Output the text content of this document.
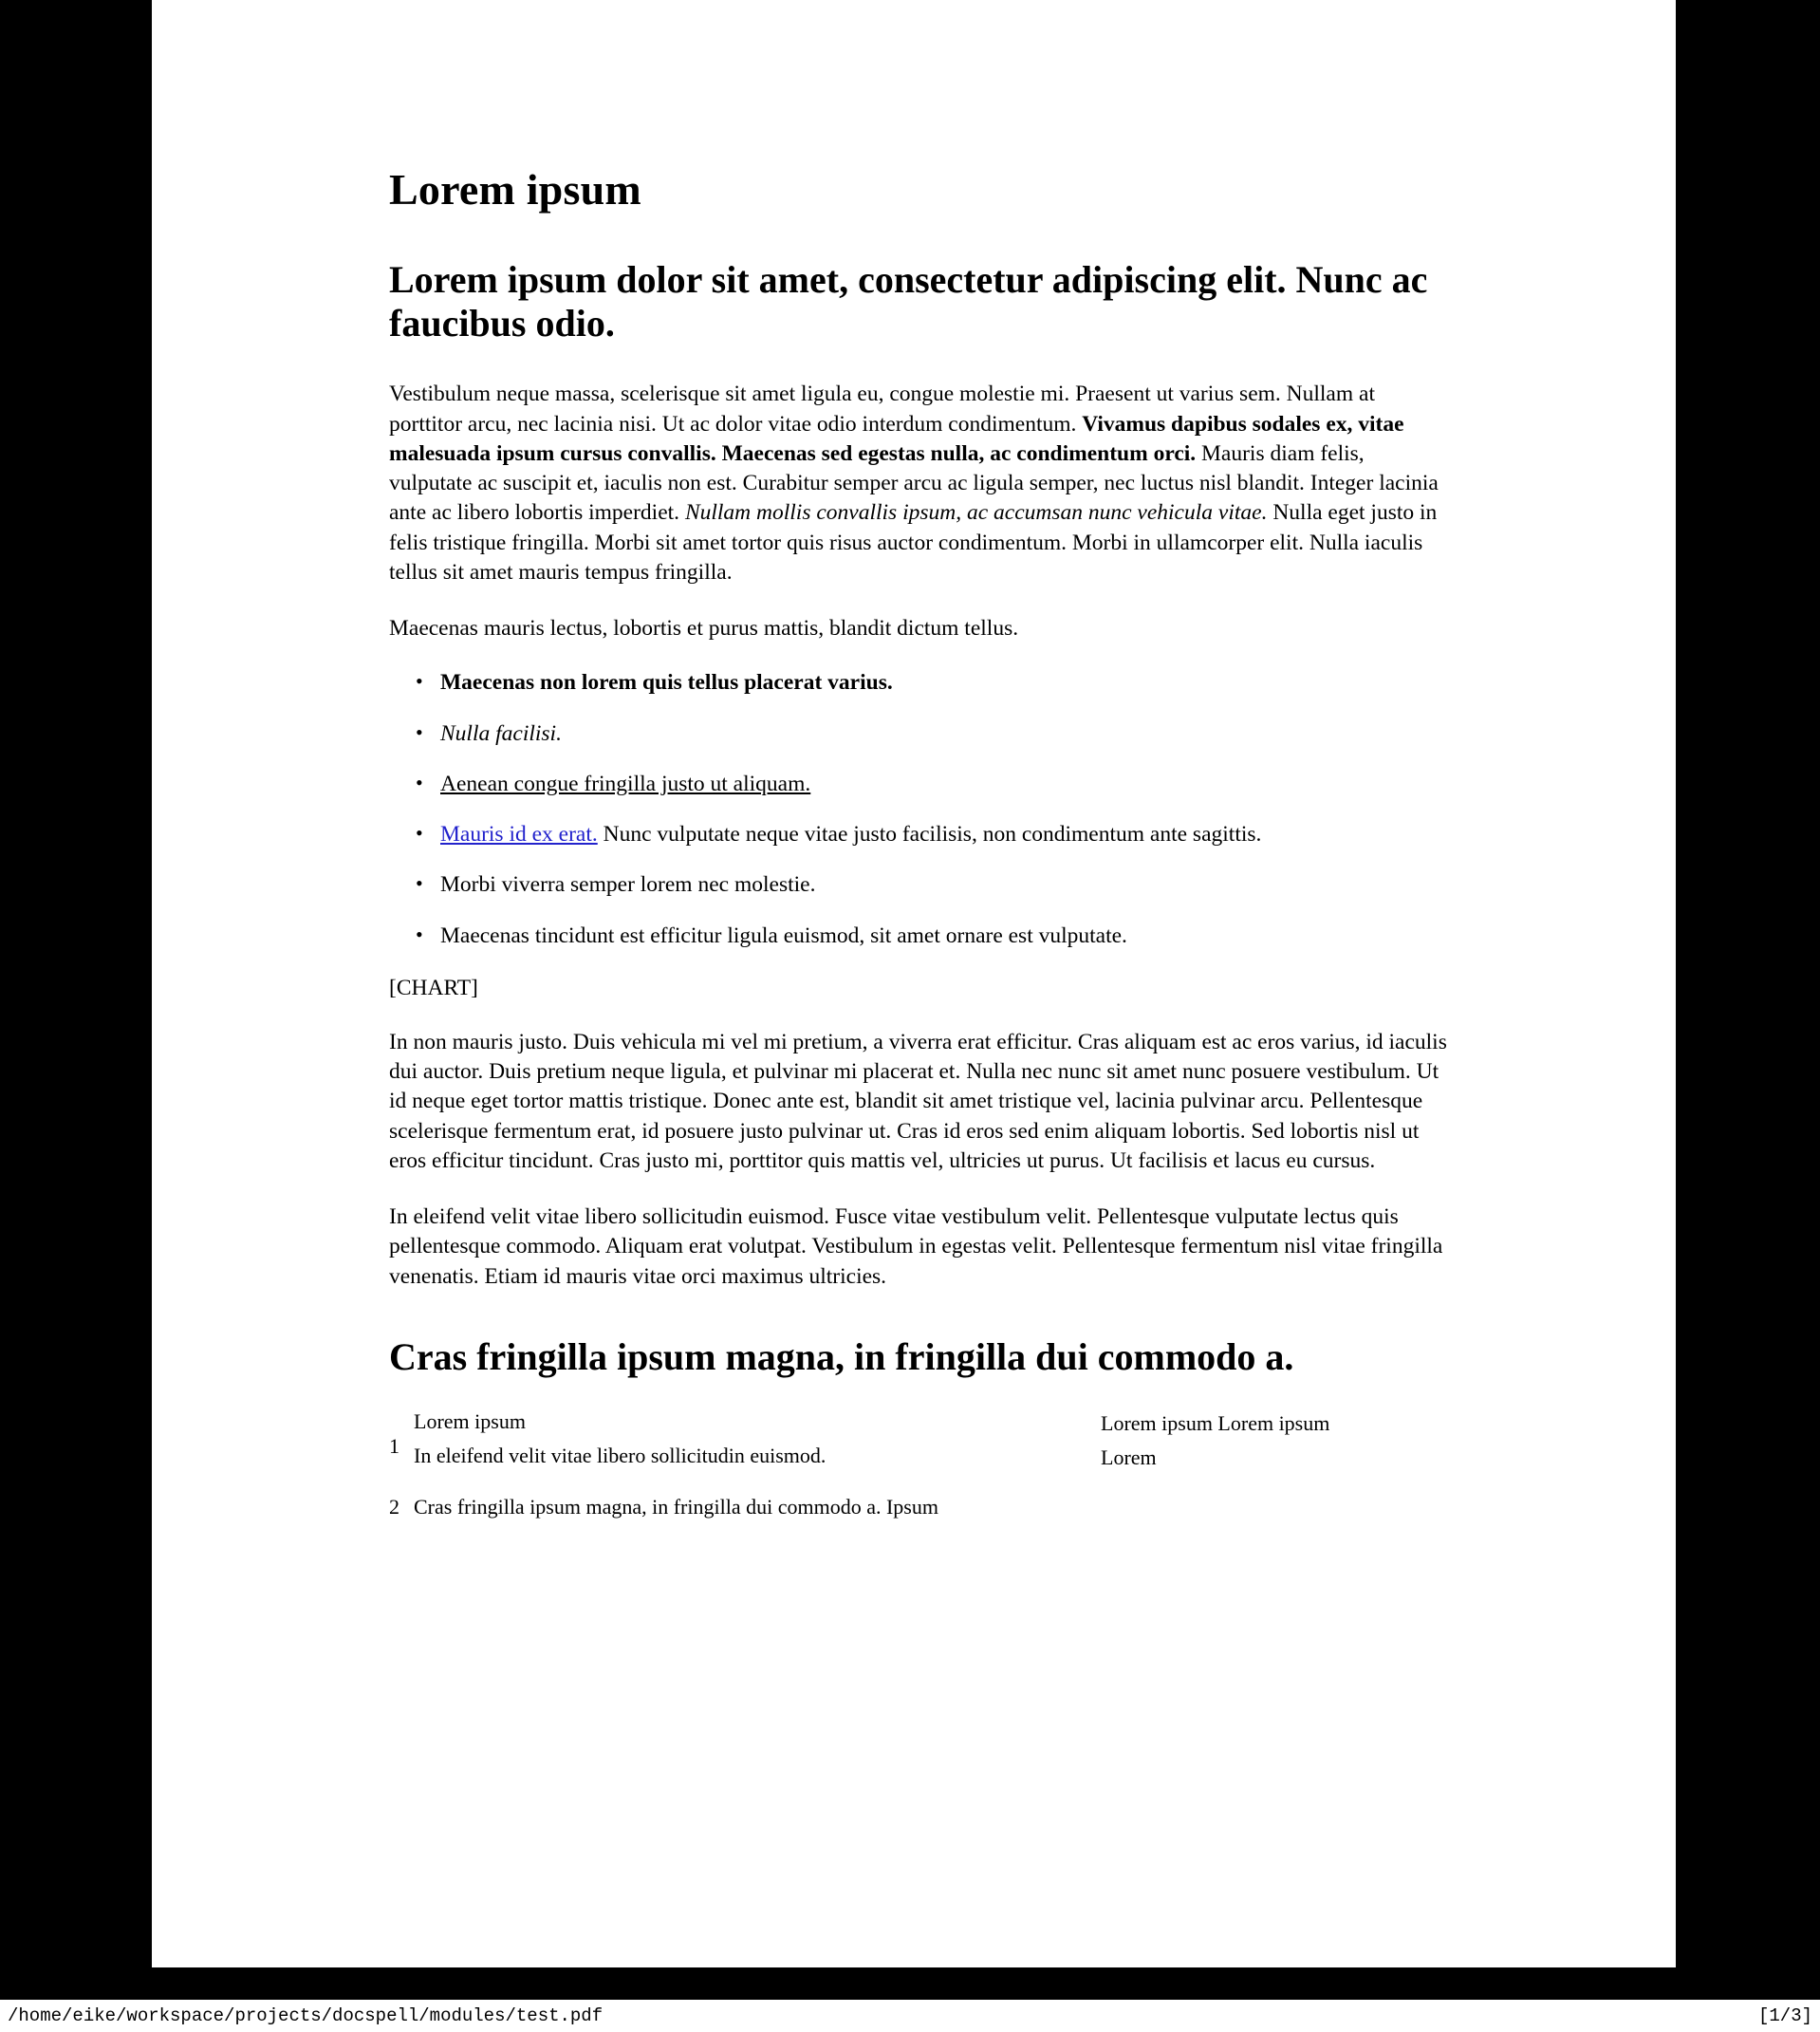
Lorem ipsum
Lorem ipsum dolor sit amet, consectetur adipiscing elit. Nunc ac faucibus odio.

Vestibulum neque massa, scelerisque sit amet ligula eu, congue molestie mi. Praesent ut varius sem. Nullam at porttitor arcu, nec lacinia nisi. Ut ac dolor vitae odio interdum condimentum. Vivamus dapibus sodales ex, vitae malesuada ipsum cursus convallis. Maecenas sed egestas nulla, ac condimentum orci. Mauris diam felis, vulputate ac suscipit et, iaculis non est. Curabitur semper arcu ac ligula semper, nec luctus nisl blandit. Integer lacinia ante ac libero lobortis imperdiet. Nullam mollis convallis ipsum, ac accumsan nunc vehicula vitae. Nulla eget justo in felis tristique fringilla. Morbi sit amet tortor quis risus auctor condimentum. Morbi in ullamcorper elit. Nulla iaculis tellus sit amet mauris tempus fringilla.

Maecenas mauris lectus, lobortis et purus mattis, blandit dictum tellus.

• Maecenas non lorem quis tellus placerat varius.
• Nulla facilisi.
• Aenean congue fringilla justo ut aliquam.
• Mauris id ex erat. Nunc vulputate neque vitae justo facilisis, non condimentum ante sagittis.
• Morbi viverra semper lorem nec molestie.
• Maecenas tincidunt est efficitur ligula euismod, sit amet ornare est vulputate.
[CHART]

In non mauris justo. Duis vehicula mi vel mi pretium, a viverra erat efficitur. Cras aliquam est ac eros varius, id iaculis dui auctor. Duis pretium neque ligula, et pulvinar mi placerat et. Nulla nec nunc sit amet nunc posuere vestibulum. Ut id neque eget tortor mattis tristique. Donec ante est, blandit sit amet tristique vel, lacinia pulvinar arcu. Pellentesque scelerisque fermentum erat, id posuere justo pulvinar ut. Cras id eros sed enim aliquam lobortis. Sed lobortis nisl ut eros efficitur tincidunt. Cras justo mi, porttitor quis mattis vel, ultricies ut purus. Ut facilisis et lacus eu cursus.

In eleifend velit vitae libero sollicitudin euismod. Fusce vitae vestibulum velit. Pellentesque vulputate lectus quis pellentesque commodo. Aliquam erat volutpat. Vestibulum in egestas velit. Pellentesque fermentum nisl vitae fringilla venenatis. Etiam id mauris vitae orci maximus ultricies.

Cras fringilla ipsum magna, in fringilla dui commodo a.
1

Lorem ipsum

In eleifend velit vitae libero sollicitudin euismod.

Lorem ipsum Lorem ipsum

Lorem

2 Cras fringilla ipsum magna, in fringilla dui commodo a. Ipsum
/home/eike/workspace/projects/docspell/modules/test.pdf	[1/3]
